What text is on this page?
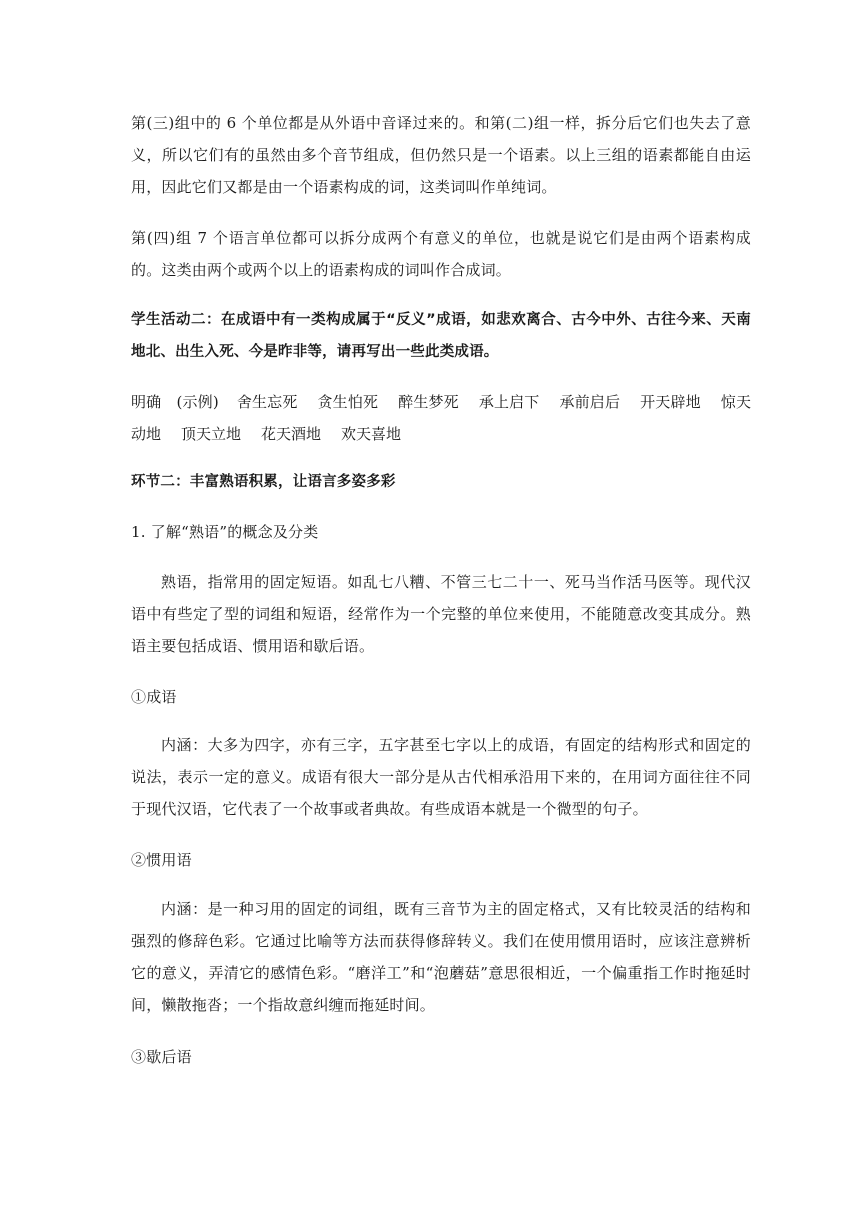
第(三)组中的 6 个单位都是从外语中音译过来的。和第(二)组一样，拆分后它们也失去了意义，所以它们有的虽然由多个音节组成，但仍然只是一个语素。以上三组的语素都能自由运用，因此它们又都是由一个语素构成的词，这类词叫作单纯词。

第(四)组 7 个语言单位都可以拆分成两个有意义的单位，也就是说它们是由两个语素构成的。这类由两个或两个以上的语素构成的词叫作合成词。

学生活动二：在成语中有一类构成属于“反义”成语，如悲欢离合、古今中外、古往今来、天南地北、出生入死、今是昨非等，请再写出一些此类成语。

明确　(示例) 舍生忘死 贪生怕死 醉生梦死 承上启下 承前启后 开天辟地 惊天动地 顶天立地 花天酒地 欢天喜地

环节二：丰富熟语积累，让语言多姿多彩

1. 了解“熟语”的概念及分类

熟语，指常用的固定短语。如乱七八糟、不管三七二十一、死马当作活马医等。现代汉语中有些定了型的词组和短语，经常作为一个完整的单位来使用，不能随意改变其成分。熟语主要包括成语、惯用语和歇后语。

①成语

内涵：大多为四字，亦有三字，五字甚至七字以上的成语，有固定的结构形式和固定的说法，表示一定的意义。成语有很大一部分是从古代相承沿用下来的，在用词方面往往不同于现代汉语，它代表了一个故事或者典故。有些成语本就是一个微型的句子。

②惯用语

内涵：是一种习用的固定的词组，既有三音节为主的固定格式，又有比较灵活的结构和强烈的修辞色彩。它通过比喻等方法而获得修辞转义。我们在使用惯用语时，应该注意辨析它的意义，弄清它的感情色彩。“磨洋工”和“泡蘑菇”意思很相近，一个偏重指工作时拖延时间，懒散拖沓；一个指故意纠缠而拖延时间。

③歇后语
